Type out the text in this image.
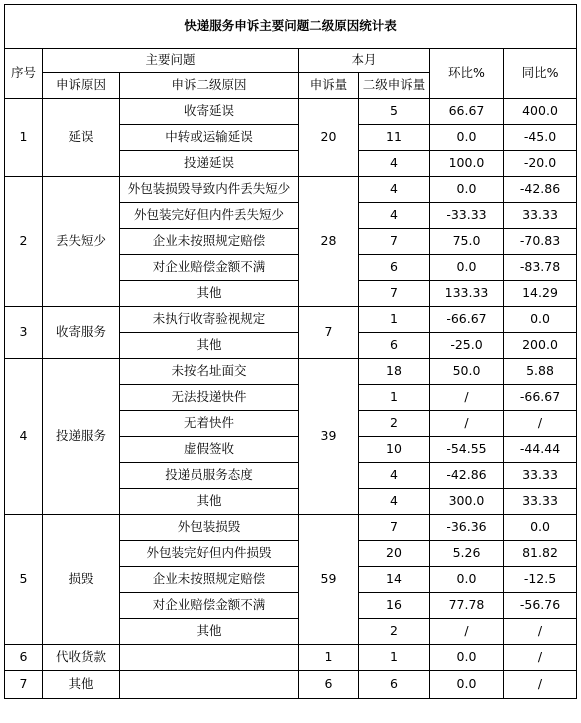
快递服务申诉主要问题二级原因统计表						
序号	主要问题		本月		环比%	同比%
	申诉原因	申诉二级原因	申诉量	二级申诉量		
1	延误	收寄延误	20	5	66.67	400.0
		中转或运输延误		11	0.0	-45.0
		投递延误		4	100.0	-20.0
2	丢失短少	外包装损毁导致内件丢失短少	28	4	0.0	-42.86
		外包装完好但内件丢失短少		4	-33.33	33.33
		企业未按照规定赔偿		7	75.0	-70.83
		对企业赔偿金额不满		6	0.0	-83.78
		其他		7	133.33	14.29
3	收寄服务	未执行收寄验视规定	7	1	-66.67	0.0
		其他		6	-25.0	200.0
4	投递服务	未按名址面交	39	18	50.0	5.88
		无法投递快件		1	/	-66.67
		无着快件		2	/	/
		虚假签收		10	-54.55	-44.44
		投递员服务态度		4	-42.86	33.33
		其他		4	300.0	33.33
5	损毁	外包装损毁	59	7	-36.36	0.0
		外包装完好但内件损毁		20	5.26	81.82
		企业未按照规定赔偿		14	0.0	-12.5
		对企业赔偿金额不满		16	77.78	-56.76
		其他		2	/	/
6	代收货款		1	1	0.0	/
7	其他		6	6	0.0	/
